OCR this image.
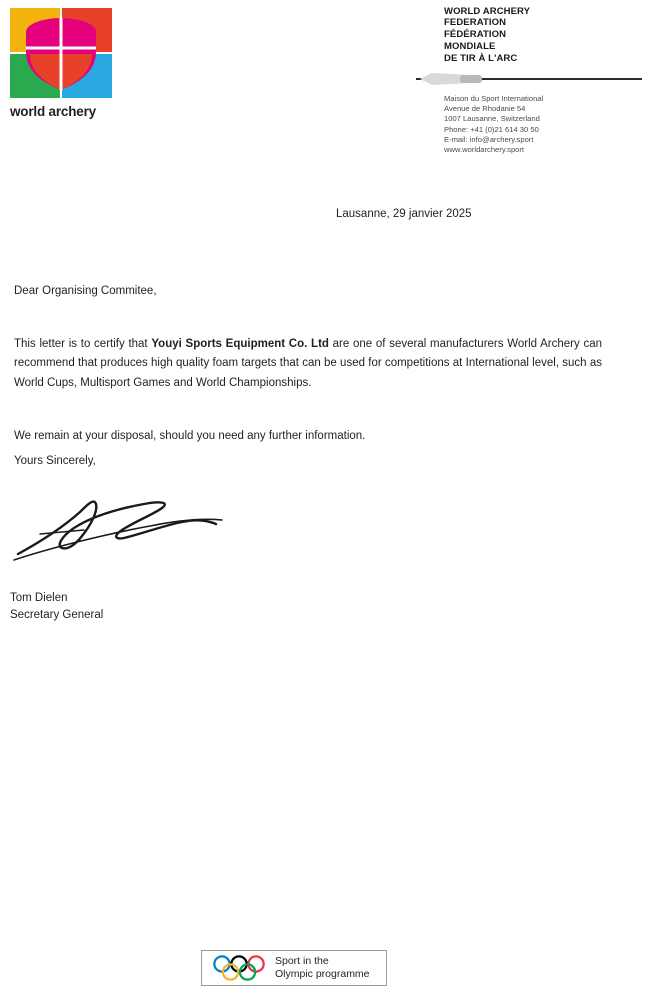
world archery
WORLD ARCHERY
FEDERATION
FÉDÉRATION
MONDIALE
DE TIR À L'ARC
Maison du Sport International
Avenue de Rhodanie 54
1007 Lausanne, Switzerland
Phone: +41 (0)21 614 30 50
E-mail: info@archery.sport
www.worldarchery.sport
Lausanne, 29 janvier 2025
Dear Organising Commitee,

This letter is to certify that Youyi Sports Equipment Co. Ltd are one of several manufacturers World Archery can recommend that produces high quality foam targets that can be used for competitions at International level, such as World Cups, Multisport Games and World Championships.

We remain at your disposal, should you need any further information.

Yours Sincerely,
Tom Dielen
Secretary General
Sport in the
Olympic programme
